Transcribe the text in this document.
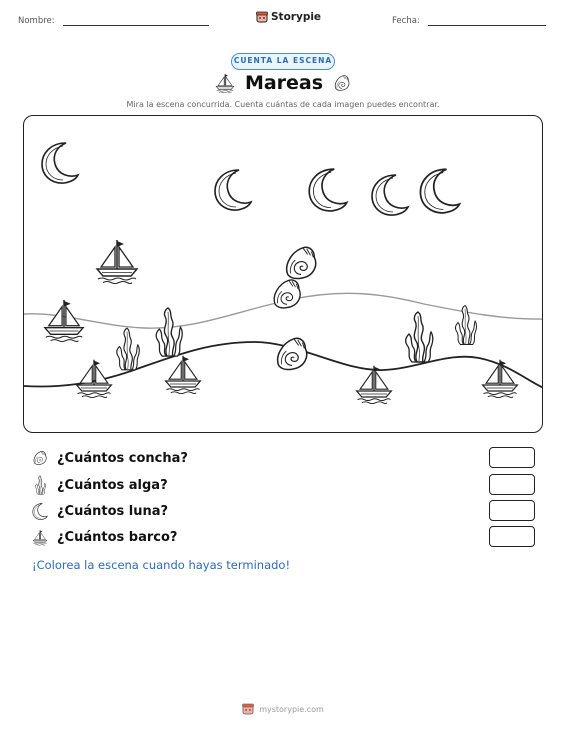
Nombre:	Storypie	Fecha:
CUENTA LA ESCENA
Mareas
Mira la escena concurrida. Cuenta cuántas de cada imagen puedes encontrar.
¿Cuántos concha?
¿Cuántos alga?
¿Cuántos luna?
¿Cuántos barco?
¡Colorea la escena cuando hayas terminado!
mystorypie.com
